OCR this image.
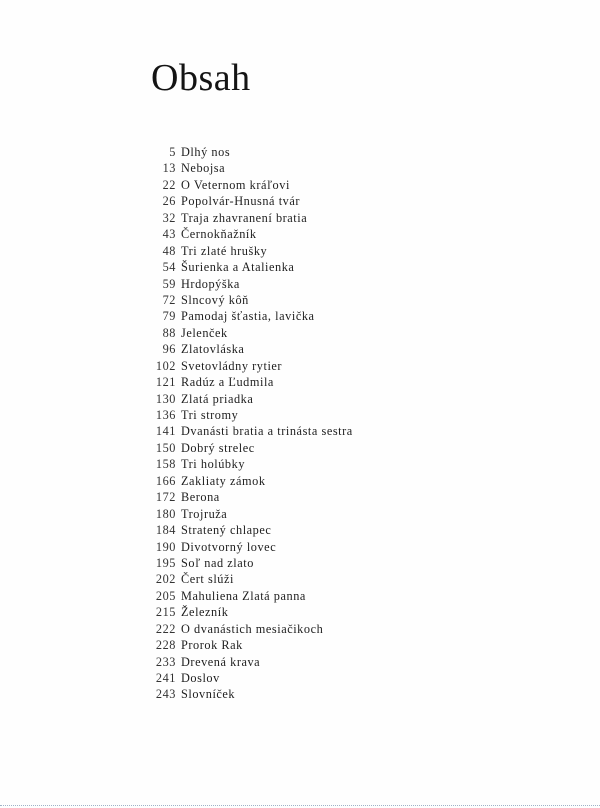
Obsah
5 Dlhý nos
13 Nebojsa
22 O Veternom kráľovi
26 Popolvár-Hnusná tvár
32 Traja zhavranení bratia
43 Černokňažník
48 Tri zlaté hrušky
54 Šurienka a Atalienka
59 Hrdopýška
72 Slncový kôň
79 Pamodaj šťastia, lavička
88 Jelenček
96 Zlatovláska
102 Svetovládny rytier
121 Radúz a Ľudmila
130 Zlatá priadka
136 Tri stromy
141 Dvanásti bratia a trinásta sestra
150 Dobrý strelec
158 Tri holúbky
166 Zakliaty zámok
172 Berona
180 Trojruža
184 Stratený chlapec
190 Divotvorný lovec
195 Soľ nad zlato
202 Čert slúži
205 Mahuliena Zlatá panna
215 Železník
222 O dvanástich mesiačikoch
228 Prorok Rak
233 Drevená krava
241 Doslov
243 Slovníček
